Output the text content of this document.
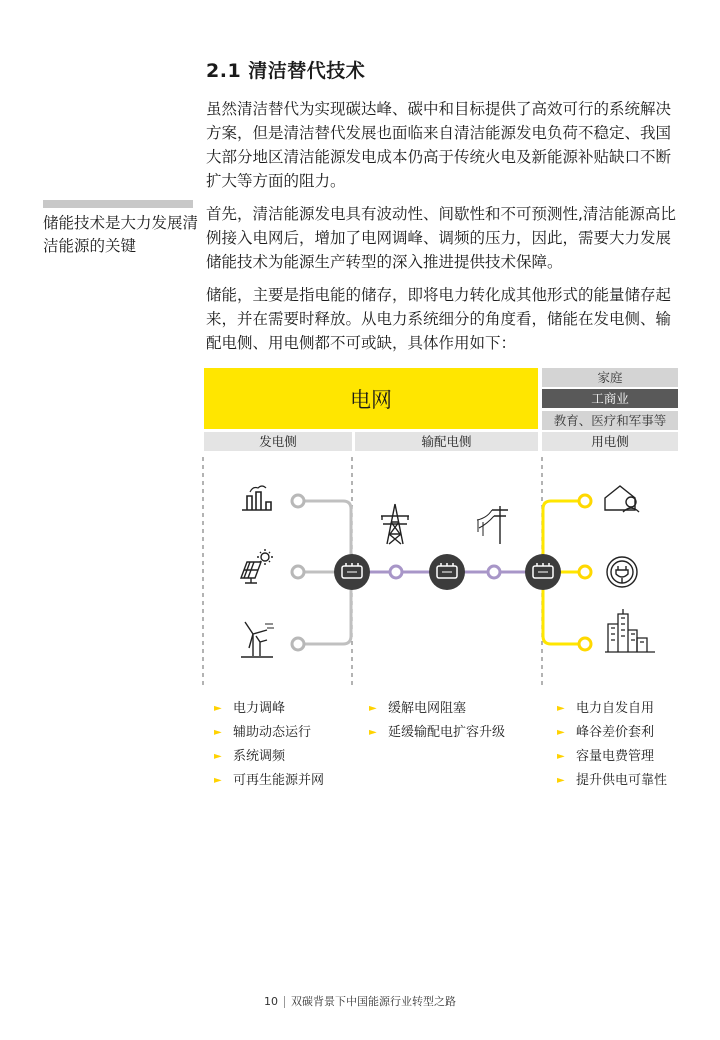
2.1 清洁替代技术

虽然清洁替代为实现碳达峰、碳中和目标提供了高效可行的系统解决方案，但是清洁替代发展也面临来自清洁能源发电负荷不稳定、我国大部分地区清洁能源发电成本仍高于传统火电及新能源补贴缺口不断扩大等方面的阻力。

首先，清洁能源发电具有波动性、间歇性和不可预测性,清洁能源高比例接入电网后，增加了电网调峰、调频的压力，因此，需要大力发展储能技术为能源生产转型的深入推进提供技术保障。

储能，主要是指电能的储存，即将电力转化成其他形式的能量储存起来，并在需要时释放。从电力系统细分的角度看，储能在发电侧、输配电侧、用电侧都不可或缺，具体作用如下：

储能技术是大力发展清洁能源的关键
电网
家庭
工商业
教育、医疗和军事等
发电侧	输配电侧	用电侧
► 电力调峰
► 辅助动态运行
► 系统调频
► 可再生能源并网
► 缓解电网阻塞
► 延缓输配电扩容升级
► 电力自发自用
► 峰谷差价套利
► 容量电费管理
► 提升供电可靠性
10 双碳背景下中国能源行业转型之路
